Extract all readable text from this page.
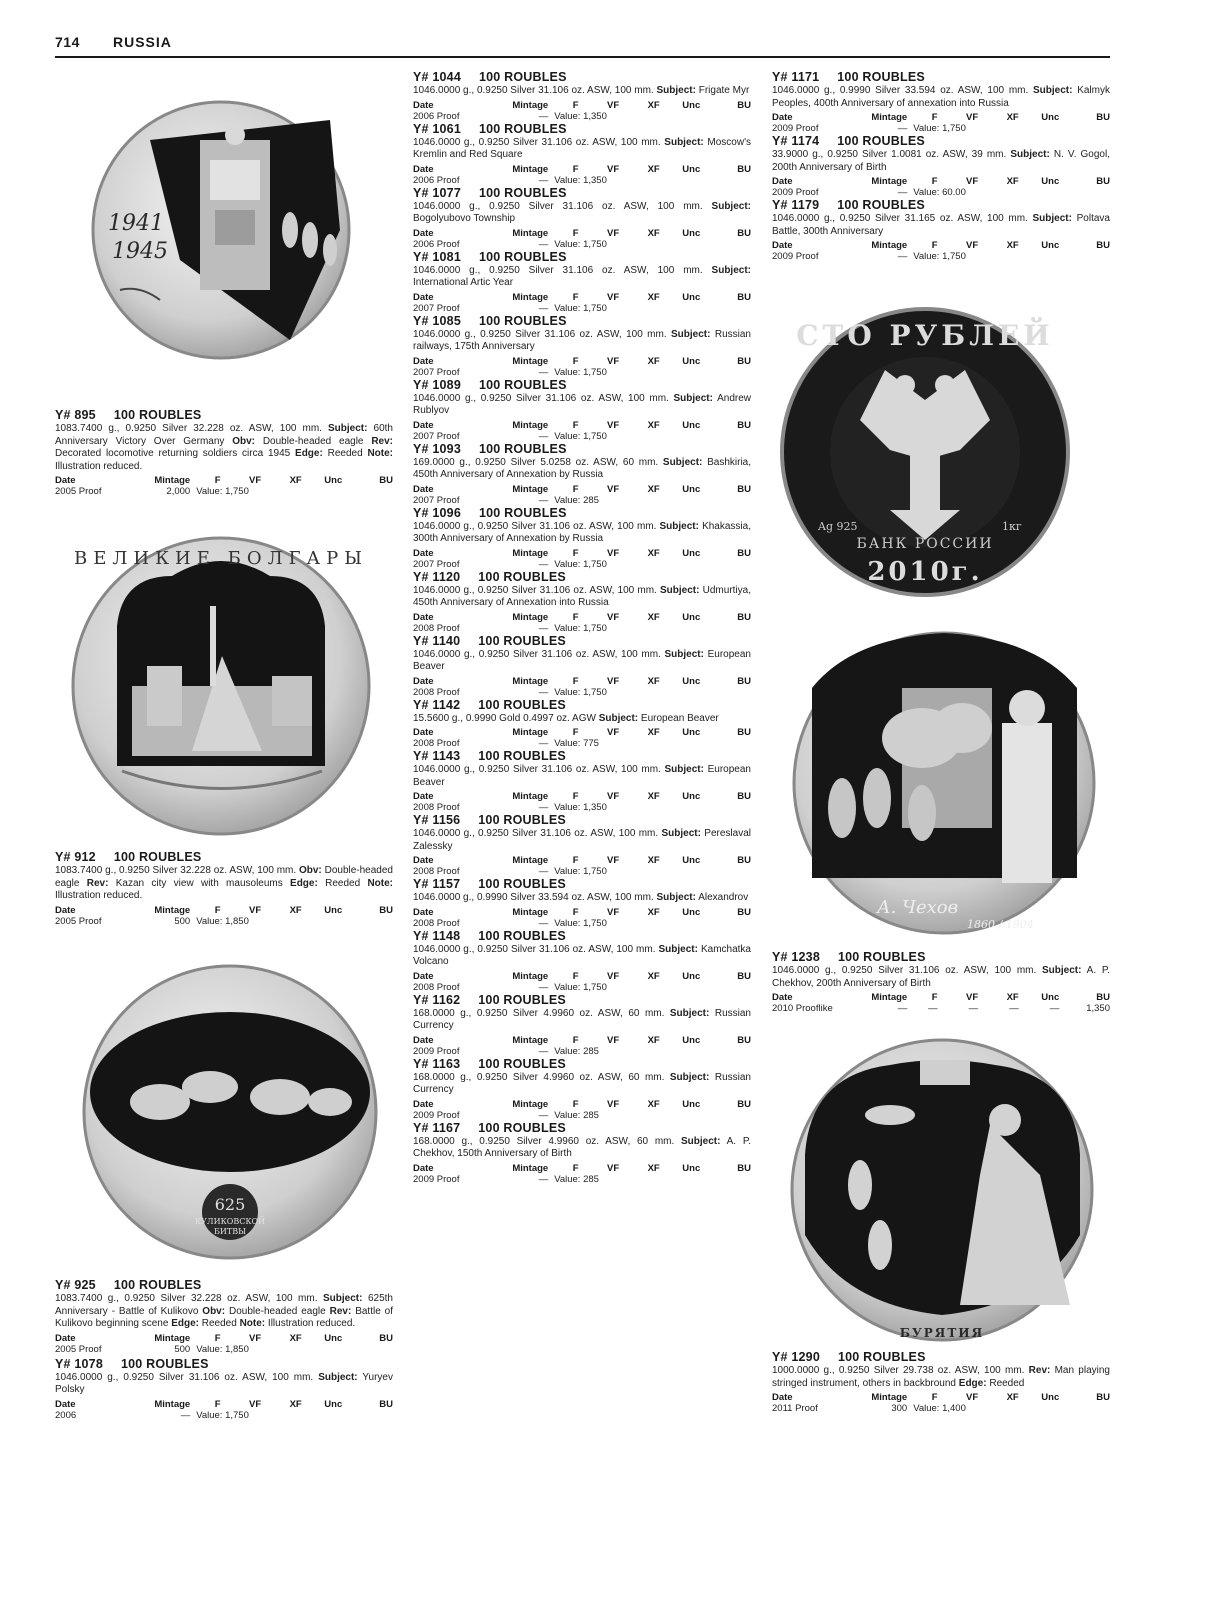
714 RUSSIA
1941
1945
ВЕЛИКИЕ БОЛГАРЫ
625
КУЛИКОВСКОЙ
БИТВЫ
СТО РУБЛЕЙ
БАНК РОССИИ
2010г.
Ag 925	1кг
А. Чехов
1860 / 1904
БУРЯТИЯ
Y# 895 100 ROUBLES
1083.7400 g., 0.9250 Silver 32.228 oz. ASW, 100 mm. Subject: 60th Anniversary Victory Over Germany Obv: Double-headed eagle Rev: Decorated locomotive returning soldiers circa 1945 Edge: Reeded Note: Illustration reduced.
Date	Mintage	F	VF	XF	Unc	BU
2005 Proof	2,000	Value: 1,750				
Y# 912 100 ROUBLES
1083.7400 g., 0.9250 Silver 32.228 oz. ASW, 100 mm. Obv: Double-headed eagle Rev: Kazan city view with mausoleums Edge: Reeded Note: Illustration reduced.
Date	Mintage	F	VF	XF	Unc	BU
2005 Proof	500	Value: 1,850				
Y# 925 100 ROUBLES
1083.7400 g., 0.9250 Silver 32.228 oz. ASW, 100 mm. Subject: 625th Anniversary - Battle of Kulikovo Obv: Double-headed eagle Rev: Battle of Kulikovo beginning scene Edge: Reeded Note: Illustration reduced.
Date	Mintage	F	VF	XF	Unc	BU
2005 Proof	500	Value: 1,850				
Y# 1078 100 ROUBLES
1046.0000 g., 0.9250 Silver 31.106 oz. ASW, 100 mm. Subject: Yuryev Polsky
Date	Mintage	F	VF	XF	Unc	BU
2006	—	Value: 1,750				
Y# 1044 100 ROUBLES
1046.0000 g., 0.9250 Silver 31.106 oz. ASW, 100 mm. Subject: Frigate Myr
Date	Mintage	F	VF	XF	Unc	BU
2006 Proof	—	Value: 1,350				
Y# 1061 100 ROUBLES
1046.0000 g., 0.9250 Silver 31.106 oz. ASW, 100 mm. Subject: Moscow's Kremlin and Red Square
Date	Mintage	F	VF	XF	Unc	BU
2006 Proof	—	Value: 1,350				
Y# 1077 100 ROUBLES
1046.0000 g., 0.9250 Silver 31.106 oz. ASW, 100 mm. Subject: Bogolyubovo Township
Date	Mintage	F	VF	XF	Unc	BU
2006 Proof	—	Value: 1,750				
Y# 1081 100 ROUBLES
1046.0000 g., 0.9250 Silver 31.106 oz. ASW, 100 mm. Subject: International Artic Year
Date	Mintage	F	VF	XF	Unc	BU
2007 Proof	—	Value: 1,750				
Y# 1085 100 ROUBLES
1046.0000 g., 0.9250 Silver 31.106 oz. ASW, 100 mm. Subject: Russian railways, 175th Anniversary
Date	Mintage	F	VF	XF	Unc	BU
2007 Proof	—	Value: 1,750				
Y# 1089 100 ROUBLES
1046.0000 g., 0.9250 Silver 31.106 oz. ASW, 100 mm. Subject: Andrew Rublyov
Date	Mintage	F	VF	XF	Unc	BU
2007 Proof	—	Value: 1,750				
Y# 1093 100 ROUBLES
169.0000 g., 0.9250 Silver 5.0258 oz. ASW, 60 mm. Subject: Bashkiria, 450th Anniversary of Annexation by Russia
Date	Mintage	F	VF	XF	Unc	BU
2007 Proof	—	Value: 285				
Y# 1096 100 ROUBLES
1046.0000 g., 0.9250 Silver 31.106 oz. ASW, 100 mm. Subject: Khakassia, 300th Anniversary of Annexation by Russia
Date	Mintage	F	VF	XF	Unc	BU
2007 Proof	—	Value: 1,750				
Y# 1120 100 ROUBLES
1046.0000 g., 0.9250 Silver 31.106 oz. ASW, 100 mm. Subject: Udmurtiya, 450th Anniversary of Annexation into Russia
Date	Mintage	F	VF	XF	Unc	BU
2008 Proof	—	Value: 1,750				
Y# 1140 100 ROUBLES
1046.0000 g., 0.9250 Silver 31.106 oz. ASW, 100 mm. Subject: European Beaver
Date	Mintage	F	VF	XF	Unc	BU
2008 Proof	—	Value: 1,750				
Y# 1142 100 ROUBLES
15.5600 g., 0.9990 Gold 0.4997 oz. AGW Subject: European Beaver
Date	Mintage	F	VF	XF	Unc	BU
2008 Proof	—	Value: 775				
Y# 1143 100 ROUBLES
1046.0000 g., 0.9250 Silver 31.106 oz. ASW, 100 mm. Subject: European Beaver
Date	Mintage	F	VF	XF	Unc	BU
2008 Proof	—	Value: 1,350				
Y# 1156 100 ROUBLES
1046.0000 g., 0.9250 Silver 31.106 oz. ASW, 100 mm. Subject: Pereslaval Zalessky
Date	Mintage	F	VF	XF	Unc	BU
2008 Proof	—	Value: 1,750				
Y# 1157 100 ROUBLES
1046.0000 g., 0.9990 Silver 33.594 oz. ASW, 100 mm. Subject: Alexandrov
Date	Mintage	F	VF	XF	Unc	BU
2008 Proof	—	Value: 1,750				
Y# 1148 100 ROUBLES
1046.0000 g., 0.9250 Silver 31.106 oz. ASW, 100 mm. Subject: Kamchatka Volcano
Date	Mintage	F	VF	XF	Unc	BU
2008 Proof	—	Value: 1,750				
Y# 1162 100 ROUBLES
168.0000 g., 0.9250 Silver 4.9960 oz. ASW, 60 mm. Subject: Russian Currency
Date	Mintage	F	VF	XF	Unc	BU
2009 Proof	—	Value: 285				
Y# 1163 100 ROUBLES
168.0000 g., 0.9250 Silver 4.9960 oz. ASW, 60 mm. Subject: Russian Currency
Date	Mintage	F	VF	XF	Unc	BU
2009 Proof	—	Value: 285				
Y# 1167 100 ROUBLES
168.0000 g., 0.9250 Silver 4.9960 oz. ASW, 60 mm. Subject: A. P. Chekhov, 150th Anniversary of Birth
Date	Mintage	F	VF	XF	Unc	BU
2009 Proof	—	Value: 285				
Y# 1171 100 ROUBLES
1046.0000 g., 0.9990 Silver 33.594 oz. ASW, 100 mm. Subject: Kalmyk Peoples, 400th Anniversary of annexation into Russia
Date	Mintage	F	VF	XF	Unc	BU
2009 Proof	—	Value: 1,750				
Y# 1174 100 ROUBLES
33.9000 g., 0.9250 Silver 1.0081 oz. ASW, 39 mm. Subject: N. V. Gogol, 200th Anniversary of Birth
Date	Mintage	F	VF	XF	Unc	BU
2009 Proof	—	Value: 60.00				
Y# 1179 100 ROUBLES
1046.0000 g., 0.9250 Silver 31.165 oz. ASW, 100 mm. Subject: Poltava Battle, 300th Anniversary
Date	Mintage	F	VF	XF	Unc	BU
2009 Proof	—	Value: 1,750				
Y# 1238 100 ROUBLES
1046.0000 g., 0.9250 Silver 31.106 oz. ASW, 100 mm. Subject: A. P. Chekhov, 200th Anniversary of Birth
Date	Mintage	F	VF	XF	Unc	BU
2010 Prooflike	—	—	—	—	—	1,350
Y# 1290 100 ROUBLES
1000.0000 g., 0.9250 Silver 29.738 oz. ASW, 100 mm. Rev: Man playing stringed instrument, others in backbround Edge: Reeded
Date	Mintage	F	VF	XF	Unc	BU
2011 Proof	300	Value: 1,400				
